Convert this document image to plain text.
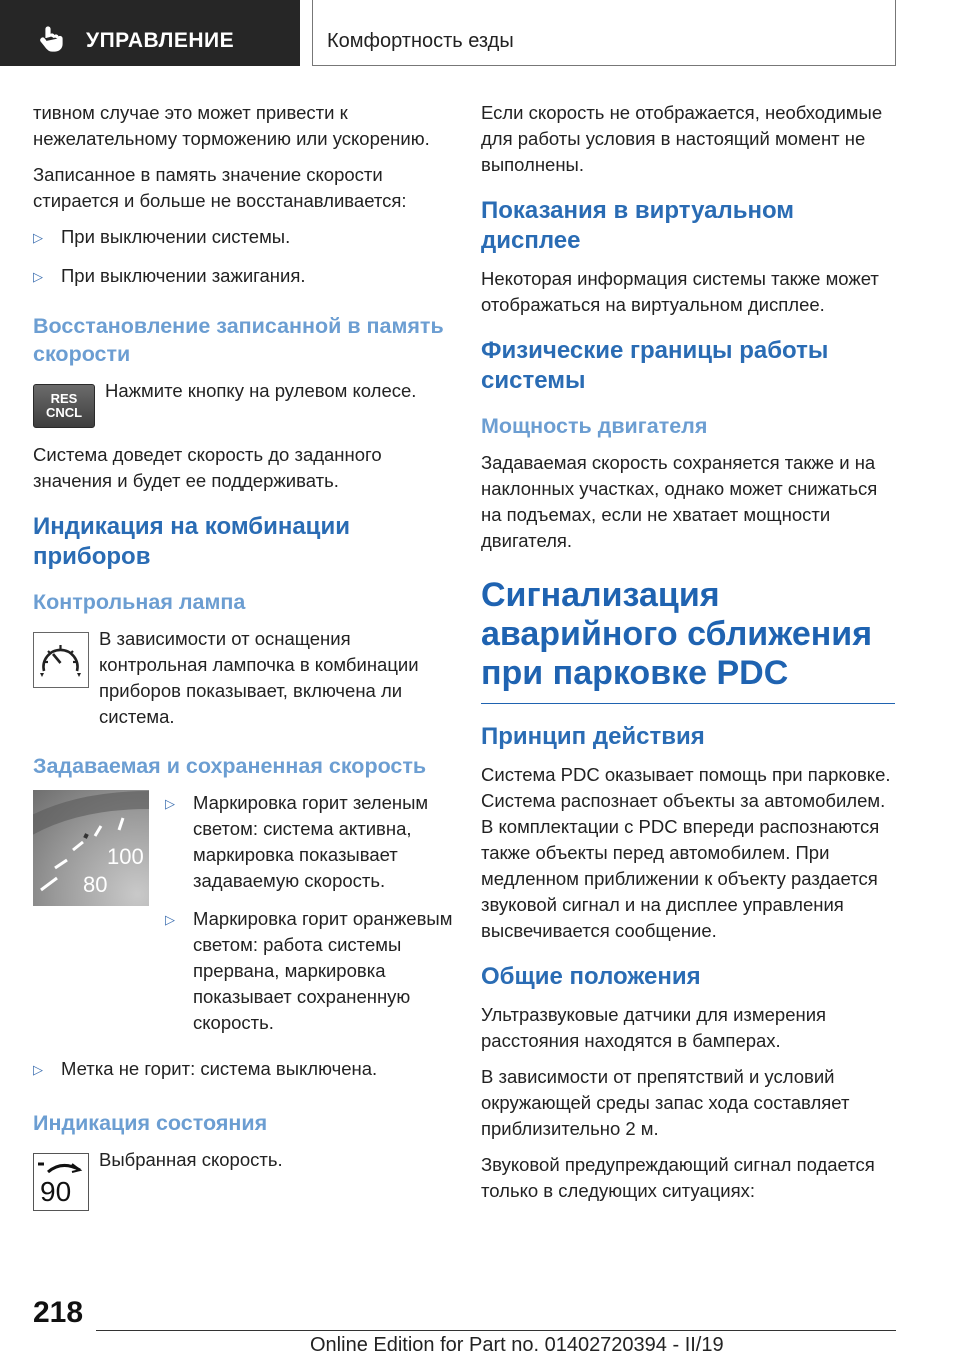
УПРАВЛЕНИЕ	Комфортность езды

тивном случае это может привести к нежелательному торможению или ускорению.

Записанное в память значение скорости стирается и больше не восстанавливается:

▷ При выключении системы.
▷ При выключении зажигания.
Восстановление записанной в память скорости
RES
CNCL

Нажмите кнопку на рулевом колесе.

Система доведет скорость до заданного значения и будет ее поддерживать.

Индикация на комбинации приборов
Контрольная лампа

В зависимости от оснащения контрольная лампочка в комбинации приборов показывает, включена ли система.

Задаваемая и сохраненная скорость
100
80
▷ Маркировка горит зеленым светом: система активна, маркировка показывает задаваемую скорость.
▷ Маркировка горит оранжевым светом: работа системы прервана, маркировка показывает сохраненную скорость.
▷ Метка не горит: система выключена.
Индикация состояния
90

Выбранная скорость.

Если скорость не отображается, необходимые для работы условия в настоящий момент не выполнены.

Показания в виртуальном дисплее

Некоторая информация системы также может отображаться на виртуальном дисплее.

Физические границы работы системы
Мощность двигателя

Задаваемая скорость сохраняется также и на наклонных участках, однако может снижаться на подъемах, если не хватает мощности двигателя.

Сигнализация аварийного сближения при парковке PDC
Принцип действия

Система PDC оказывает помощь при парковке. Система распознает объекты за автомобилем. В комплектации с PDC впереди распознаются также объекты перед автомобилем. При медленном приближении к объекту раздается звуковой сигнал и на дисплее управления высвечивается сообщение.

Общие положения

Ультразвуковые датчики для измерения расстояния находятся в бамперах.

В зависимости от препятствий и условий окружающей среды запас хода составляет приблизительно 2 м.

Звуковой предупреждающий сигнал подается только в следующих ситуациях:

218
Online Edition for Part no. 01402720394 - II/19
